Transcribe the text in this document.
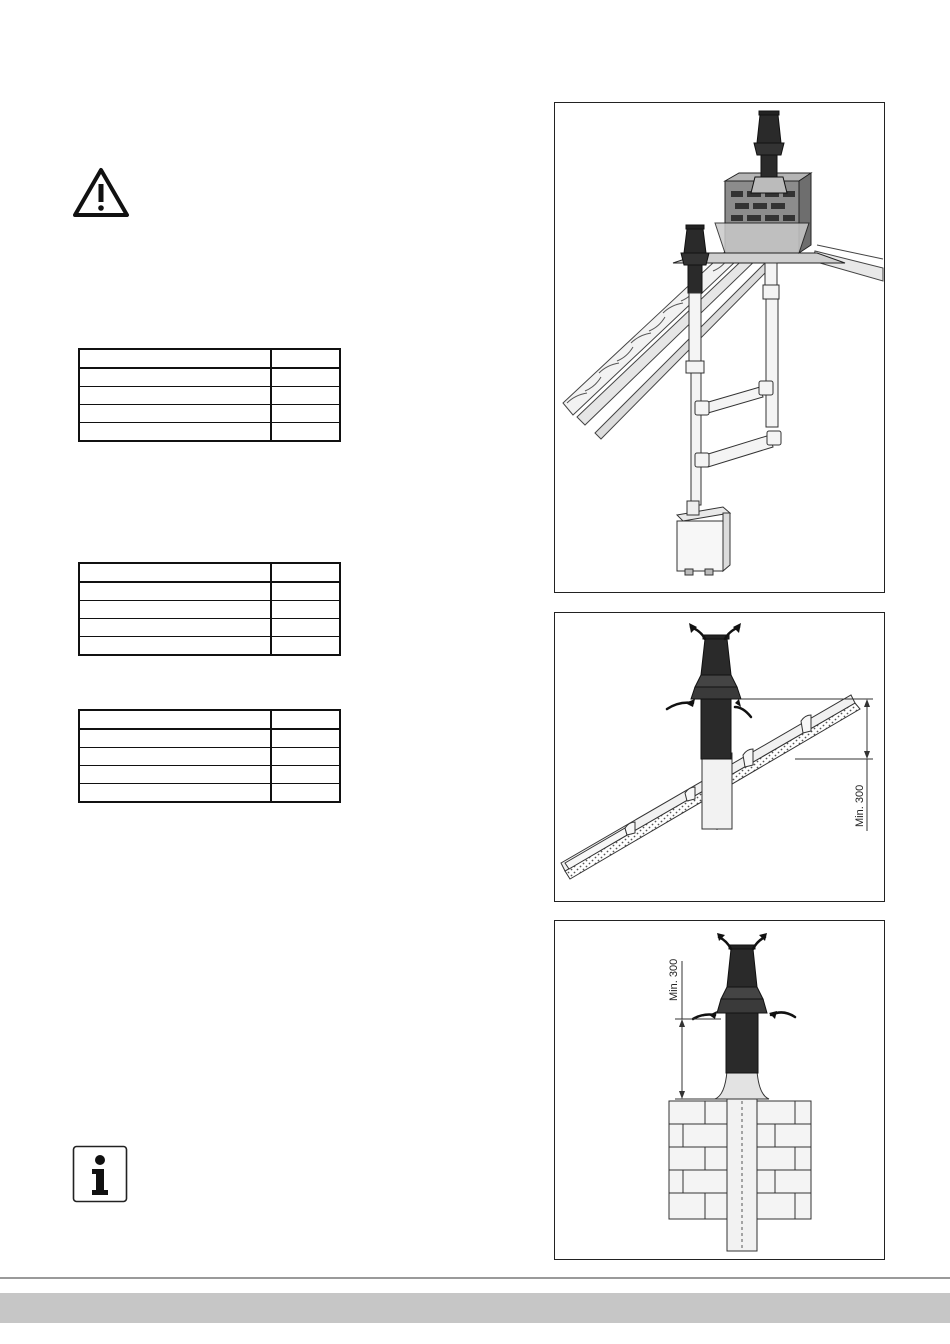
Min. 300
Min. 300
